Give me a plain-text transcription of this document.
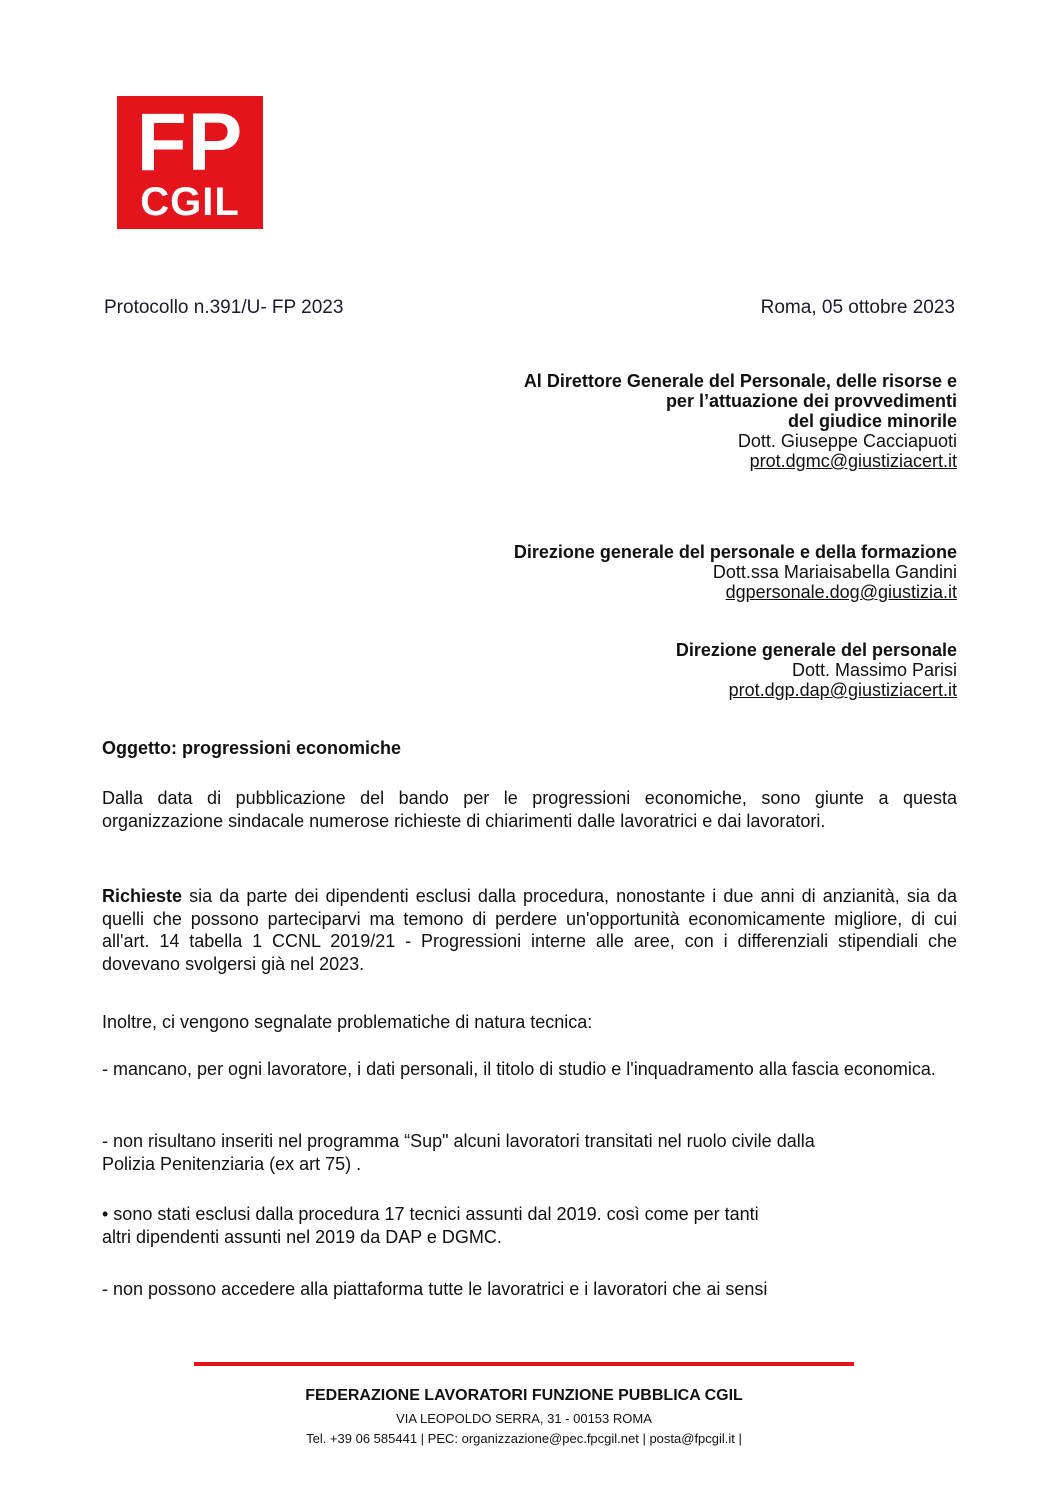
FP
CGIL
Protocollo n.391/U- FP 2023	Roma, 05 ottobre 2023
Al Direttore Generale del Personale, delle risorse e
per l’attuazione dei provvedimenti
del giudice minorile
Dott. Giuseppe Cacciapuoti
prot.dgmc@giustiziacert.it
Direzione generale del personale e della formazione
Dott.ssa Mariaisabella Gandini
dgpersonale.dog@giustizia.it
Direzione generale del personale
Dott. Massimo Parisi
prot.dgp.dap@giustiziacert.it
Oggetto: progressioni economiche
Dalla data di pubblicazione del bando per le progressioni economiche, sono giunte a questa organizzazione sindacale numerose richieste di chiarimenti dalle lavoratrici e dai lavoratori.
Richieste sia da parte dei dipendenti esclusi dalla procedura, nonostante i due anni di anzianità, sia da quelli che possono parteciparvi ma temono di perdere un'opportunità economicamente migliore, di cui all'art. 14 tabella 1 CCNL 2019/21 - Progressioni interne alle aree, con i differenziali stipendiali che dovevano svolgersi già nel 2023.
Inoltre, ci vengono segnalate problematiche di natura tecnica:
- mancano, per ogni lavoratore, i dati personali, il titolo di studio e l'inquadramento alla fascia economica.
- non risultano inseriti nel programma “Sup" alcuni lavoratori transitati nel ruolo civile dalla
Polizia Penitenziaria (ex art 75) .
• sono stati esclusi dalla procedura 17 tecnici assunti dal 2019. così come per tanti
altri dipendenti assunti nel 2019 da DAP e DGMC.
- non possono accedere alla piattaforma tutte le lavoratrici e i lavoratori che ai sensi
FEDERAZIONE LAVORATORI FUNZIONE PUBBLICA CGIL
VIA LEOPOLDO SERRA, 31 - 00153 ROMA
Tel. +39 06 585441 | PEC: organizzazione@pec.fpcgil.net | posta@fpcgil.it |
